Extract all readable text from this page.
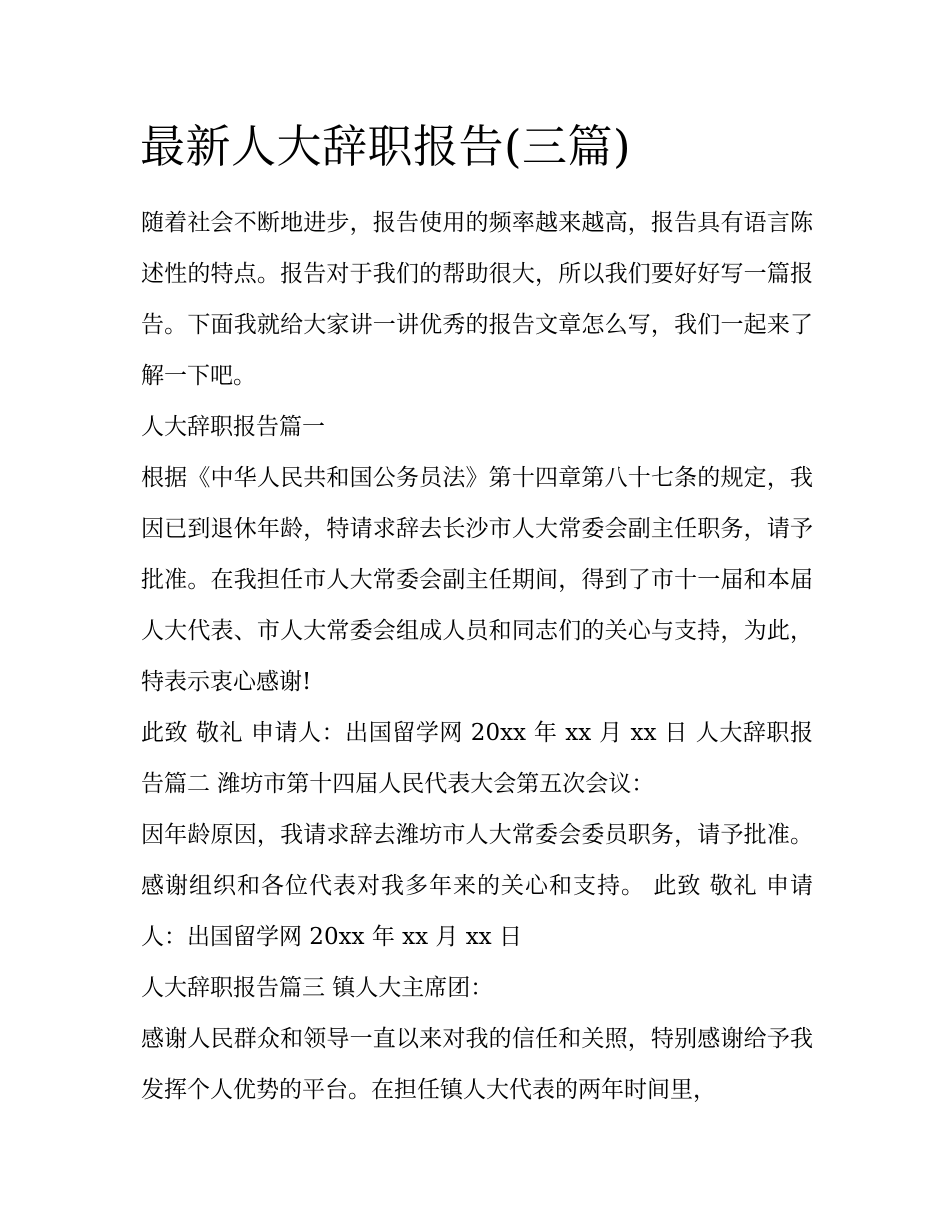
最新人大辞职报告(三篇)

随着社会不断地进步，报告使用的频率越来越高，报告具有语言陈述性的特点。报告对于我们的帮助很大，所以我们要好好写一篇报告。下面我就给大家讲一讲优秀的报告文章怎么写，我们一起来了解一下吧。

人大辞职报告篇一

根据《中华人民共和国公务员法》第十四章第八十七条的规定，我因已到退休年龄，特请求辞去长沙市人大常委会副主任职务，请予批准。在我担任市人大常委会副主任期间，得到了市十一届和本届人大代表、市人大常委会组成人员和同志们的关心与支持，为此，特表示衷心感谢!

此致 敬礼 申请人：出国留学网 20xx 年 xx 月 xx 日 人大辞职报告篇二 潍坊市第十四届人民代表大会第五次会议：

因年龄原因，我请求辞去潍坊市人大常委会委员职务，请予批准。感谢组织和各位代表对我多年来的关心和支持。 此致 敬礼 申请人：出国留学网 20xx 年 xx 月 xx 日

人大辞职报告篇三 镇人大主席团：

感谢人民群众和领导一直以来对我的信任和关照，特别感谢给予我发挥个人优势的平台。在担任镇人大代表的两年时间里，
